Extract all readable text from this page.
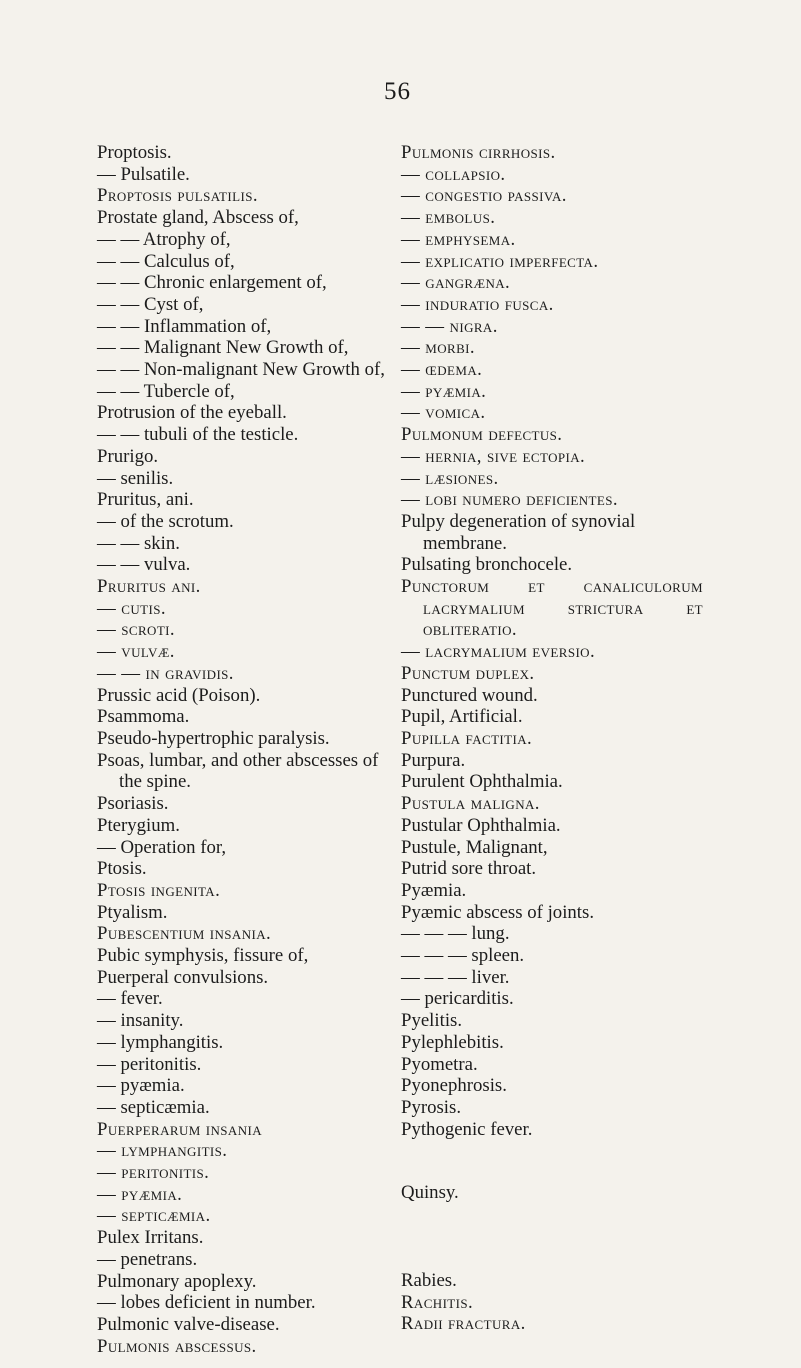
56
Proptosis.
— Pulsatile.
Proptosis pulsatilis.
Prostate gland, Abscess of,
— — Atrophy of,
— — Calculus of,
— — Chronic enlargement of,
— — Cyst of,
— — Inflammation of,
— — Malignant New Growth of,
— — Non-malignant New Growth of,
— — Tubercle of,
Protrusion of the eyeball.
— — tubuli of the testicle.
Prurigo.
— senilis.
Pruritus, ani.
— of the scrotum.
— — skin.
— — vulva.
Pruritus ani.
— cutis.
— scroti.
— vulvæ.
— — in gravidis.
Prussic acid (Poison).
Psammoma.
Pseudo-hypertrophic paralysis.
Psoas, lumbar, and other abscesses of the spine.
Psoriasis.
Pterygium.
— Operation for,
Ptosis.
Ptosis ingenita.
Ptyalism.
Pubescentium insania.
Pubic symphysis, fissure of,
Puerperal convulsions.
— fever.
— insanity.
— lymphangitis.
— peritonitis.
— pyæmia.
— septicæmia.
Puerperarum insania
— lymphangitis.
— peritonitis.
— pyæmia.
— septicæmia.
Pulex Irritans.
— penetrans.
Pulmonary apoplexy.
— lobes deficient in number.
Pulmonic valve-disease.
Pulmonis abscessus.
Pulmonis cirrhosis.
— collapsio.
— congestio passiva.
— embolus.
— emphysema.
— explicatio imperfecta.
— gangræna.
— induratio fusca.
— — nigra.
— morbi.
— œdema.
— pyæmia.
— vomica.
Pulmonum defectus.
— hernia, sive ectopia.
— læsiones.
— lobi numero deficientes.
Pulpy degeneration of synovial membrane.
Pulsating bronchocele.
Punctorum et canaliculorum lacrymalium strictura et obliteratio.
— lacrymalium eversio.
Punctum duplex.
Punctured wound.
Pupil, Artificial.
Pupilla factitia.
Purpura.
Purulent Ophthalmia.
Pustula maligna.
Pustular Ophthalmia.
Pustule, Malignant,
Putrid sore throat.
Pyæmia.
Pyæmic abscess of joints.
— — — lung.
— — — spleen.
— — — liver.
— pericarditis.
Pyelitis.
Pylephlebitis.
Pyometra.
Pyonephrosis.
Pyrosis.
Pythogenic fever.
Quinsy.
Rabies.
Rachitis.
Radii fractura.
